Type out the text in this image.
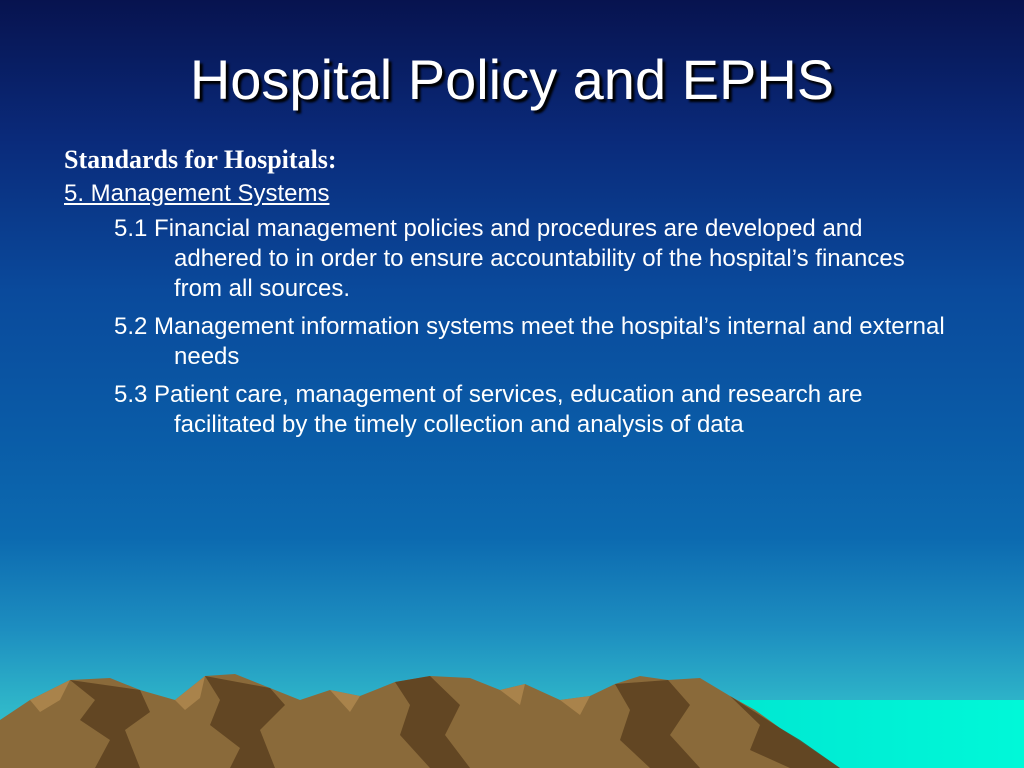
Hospital Policy and EPHS

Standards for Hospitals:

5. Management Systems

5.1 Financial management policies and procedures are developed and adhered to in order to ensure accountability of the hospital’s finances from all sources.
5.2 Management information systems meet the hospital’s internal and external needs
5.3 Patient care, management of services, education and research are facilitated by the timely collection and analysis of data
